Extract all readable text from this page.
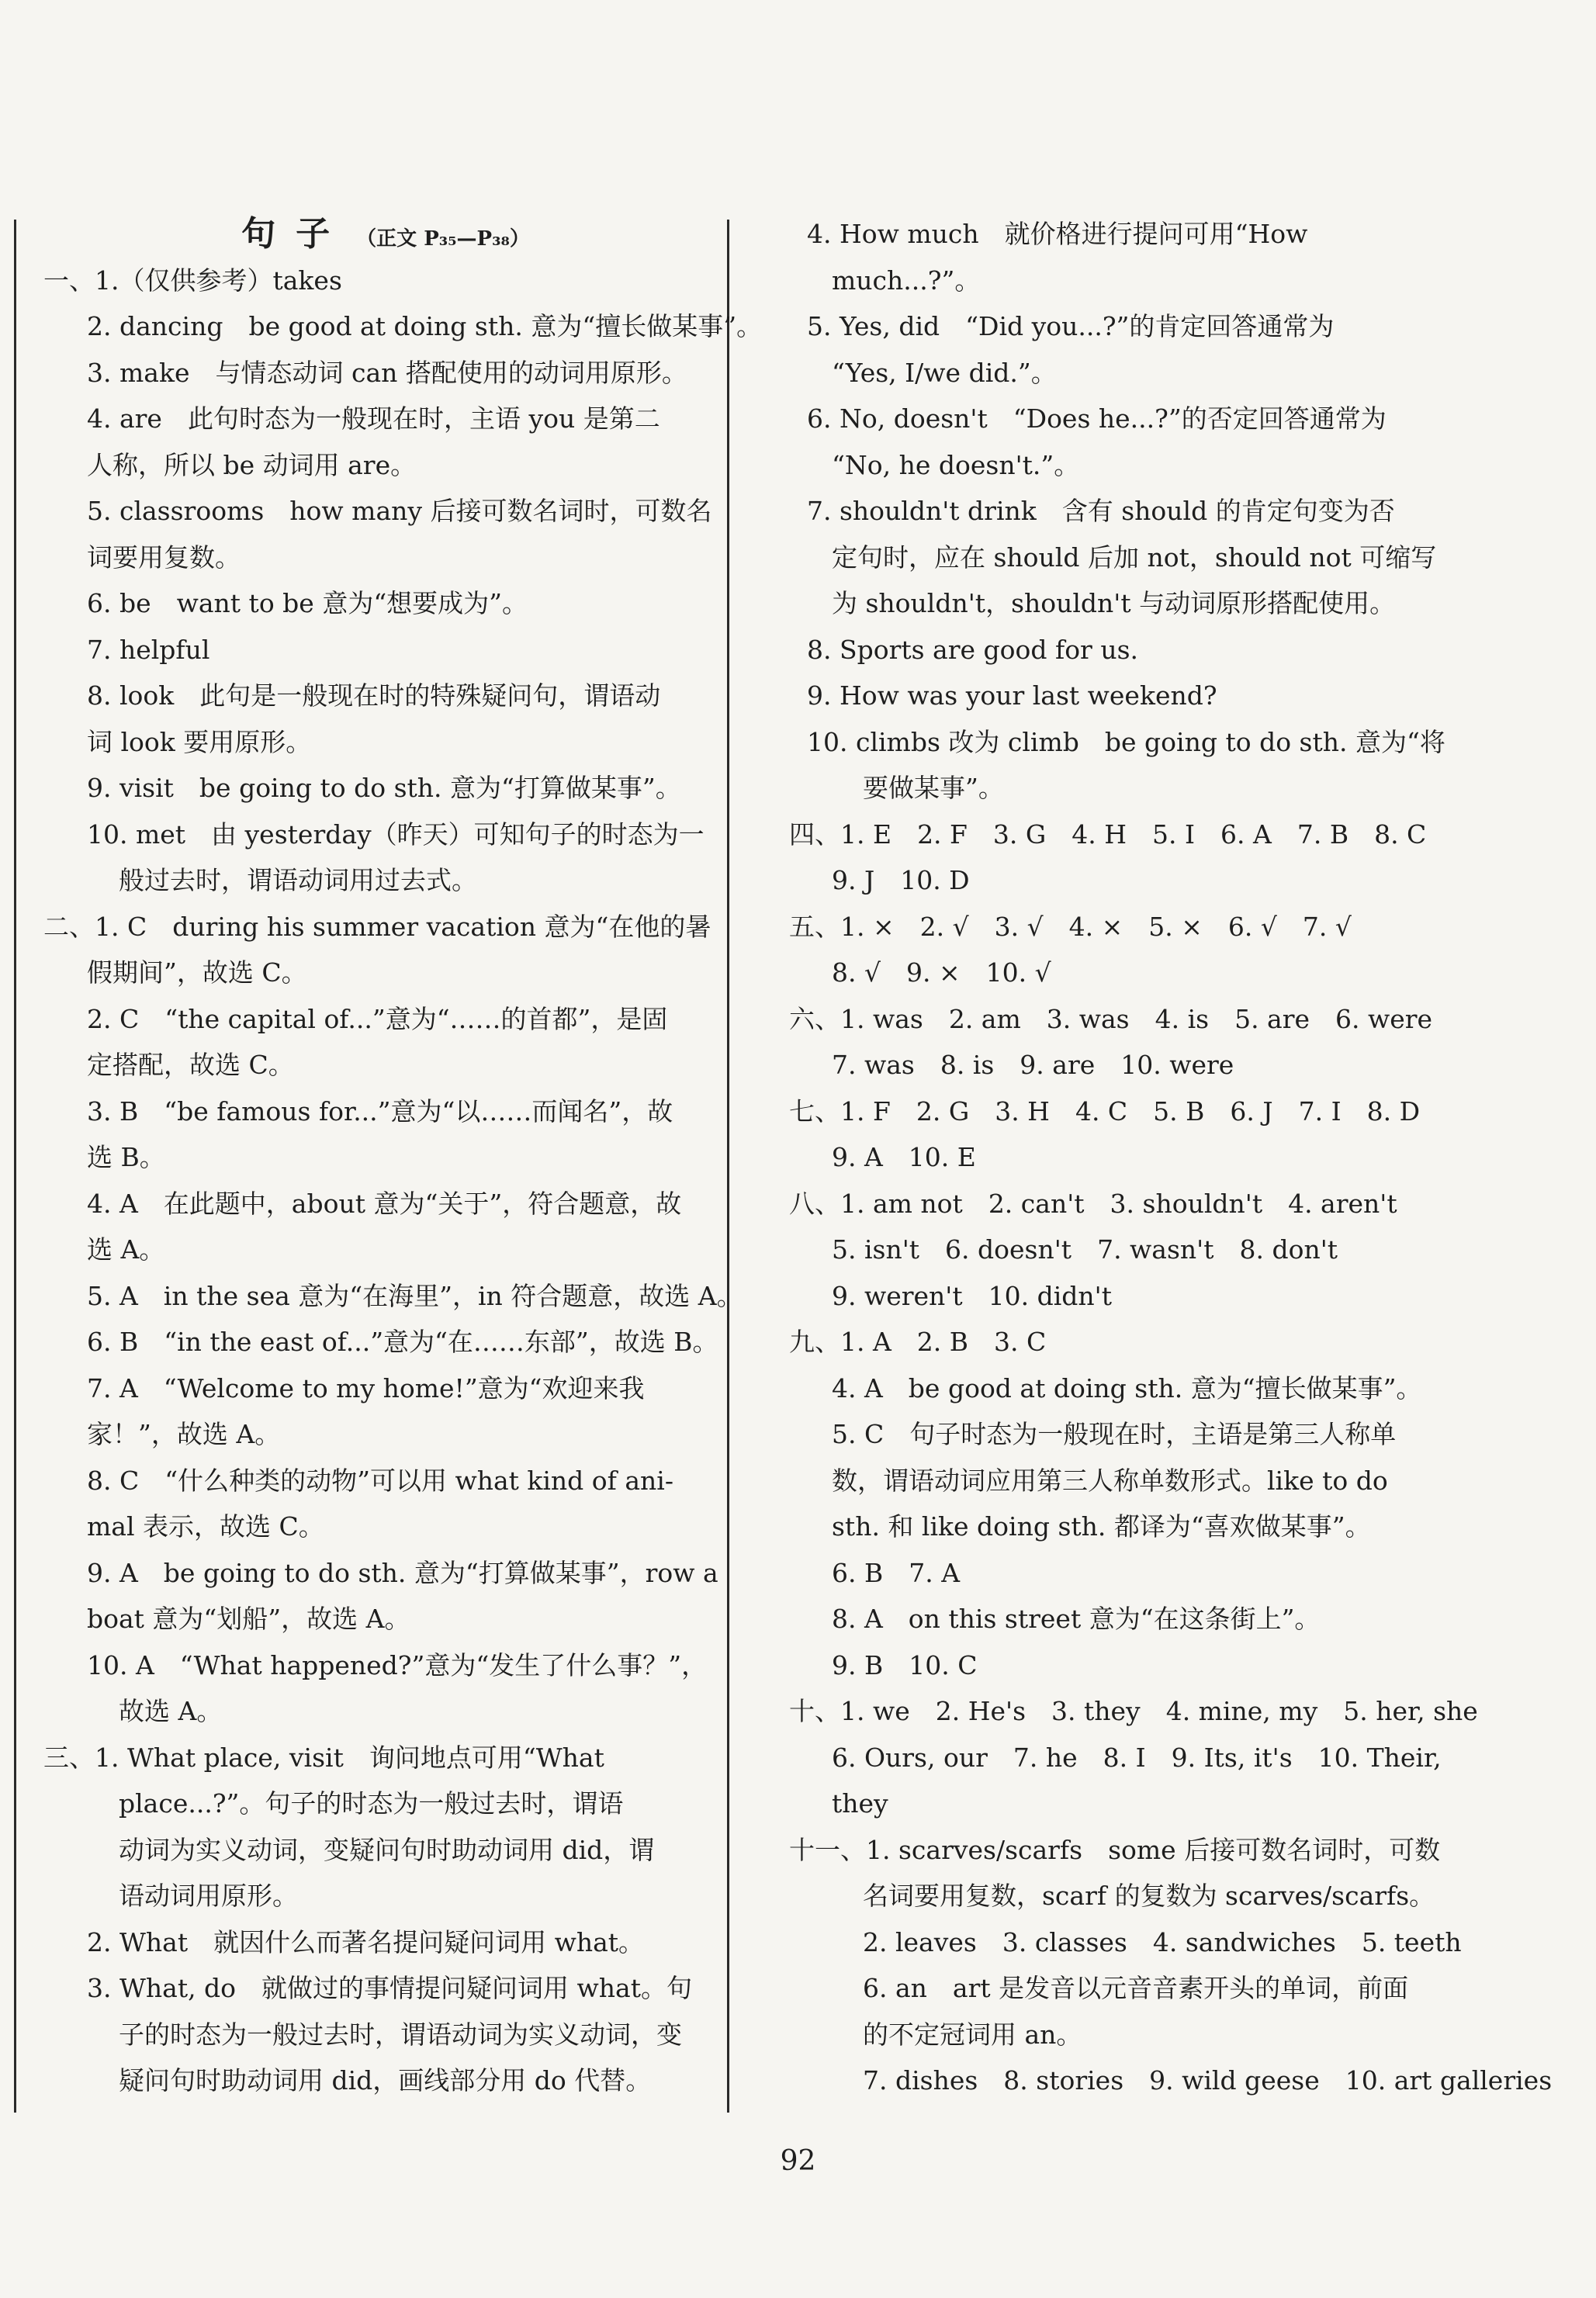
句子 （正文 P₃₅—P₃₈）
一、1.（仅供参考）takes
2. dancing　be good at doing sth. 意为“擅长做某事”。
3. make　与情态动词 can 搭配使用的动词用原形。
4. are　此句时态为一般现在时，主语 you 是第二
人称，所以 be 动词用 are。
5. classrooms　how many 后接可数名词时，可数名
词要用复数。
6. be　want to be 意为“想要成为”。
7. helpful
8. look　此句是一般现在时的特殊疑问句，谓语动
词 look 要用原形。
9. visit　be going to do sth. 意为“打算做某事”。
10. met　由 yesterday（昨天）可知句子的时态为一
般过去时，谓语动词用过去式。
二、1. C　during his summer vacation 意为“在他的暑
假期间”，故选 C。
2. C　“the capital of...”意为“……的首都”，是固
定搭配，故选 C。
3. B　“be famous for...”意为“以……而闻名”，故
选 B。
4. A　在此题中，about 意为“关于”，符合题意，故
选 A。
5. A　in the sea 意为“在海里”，in 符合题意，故选 A。
6. B　“in the east of...”意为“在……东部”，故选 B。
7. A　“Welcome to my home!”意为“欢迎来我
家！”，故选 A。
8. C　“什么种类的动物”可以用 what kind of ani-
mal 表示，故选 C。
9. A　be going to do sth. 意为“打算做某事”，row a
boat 意为“划船”，故选 A。
10. A　“What happened?”意为“发生了什么事？”，
故选 A。
三、1. What place, visit　询问地点可用“What
place...?”。句子的时态为一般过去时，谓语
动词为实义动词，变疑问句时助动词用 did，谓
语动词用原形。
2. What　就因什么而著名提问疑问词用 what。
3. What, do　就做过的事情提问疑问词用 what。句
子的时态为一般过去时，谓语动词为实义动词，变
疑问句时助动词用 did，画线部分用 do 代替。
4. How much　就价格进行提问可用“How
much...?”。
5. Yes, did　“Did you...?”的肯定回答通常为
“Yes, I/we did.”。
6. No, doesn't　“Does he...?”的否定回答通常为
“No, he doesn't.”。
7. shouldn't drink　含有 should 的肯定句变为否
定句时，应在 should 后加 not，should not 可缩写
为 shouldn't，shouldn't 与动词原形搭配使用。
8. Sports are good for us.
9. How was your last weekend?
10. climbs 改为 climb　be going to do sth. 意为“将
要做某事”。
四、1. E　2. F　3. G　4. H　5. I　6. A　7. B　8. C
9. J　10. D
五、1. ×　2. √　3. √　4. ×　5. ×　6. √　7. √
8. √　9. ×　10. √
六、1. was　2. am　3. was　4. is　5. are　6. were
7. was　8. is　9. are　10. were
七、1. F　2. G　3. H　4. C　5. B　6. J　7. I　8. D
9. A　10. E
八、1. am not　2. can't　3. shouldn't　4. aren't
5. isn't　6. doesn't　7. wasn't　8. don't
9. weren't　10. didn't
九、1. A　2. B　3. C
4. A　be good at doing sth. 意为“擅长做某事”。
5. C　句子时态为一般现在时，主语是第三人称单
数，谓语动词应用第三人称单数形式。like to do
sth. 和 like doing sth. 都译为“喜欢做某事”。
6. B　7. A
8. A　on this street 意为“在这条街上”。
9. B　10. C
十、1. we　2. He's　3. they　4. mine, my　5. her, she
6. Ours, our　7. he　8. I　9. Its, it's　10. Their,
they
十一、1. scarves/scarfs　some 后接可数名词时，可数
名词要用复数，scarf 的复数为 scarves/scarfs。
2. leaves　3. classes　4. sandwiches　5. teeth
6. an　art 是发音以元音音素开头的单词，前面
的不定冠词用 an。
7. dishes　8. stories　9. wild geese　10. art galleries
92
